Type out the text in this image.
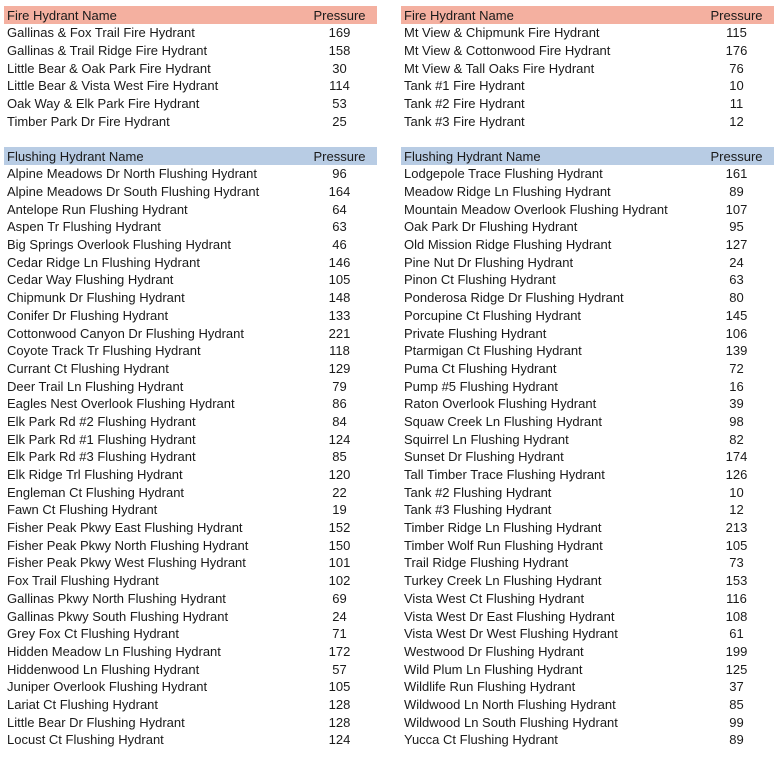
Fire Hydrant Name	Pressure
Gallinas & Fox Trail Fire Hydrant	169
Gallinas & Trail Ridge Fire Hydrant	158
Little Bear & Oak Park Fire Hydrant	30
Little Bear & Vista West Fire Hydrant	114
Oak Way & Elk Park Fire Hydrant	53
Timber Park Dr Fire Hydrant	25
Fire Hydrant Name	Pressure
Mt View & Chipmunk Fire Hydrant	115
Mt View & Cottonwood Fire Hydrant	176
Mt View & Tall Oaks Fire Hydrant	76
Tank #1 Fire Hydrant	10
Tank #2 Fire Hydrant	11
Tank #3 Fire Hydrant	12
Flushing Hydrant Name	Pressure
Alpine Meadows Dr North Flushing Hydrant	96
Alpine Meadows Dr South Flushing Hydrant	164
Antelope Run Flushing Hydrant	64
Aspen Tr Flushing Hydrant	63
Big Springs Overlook Flushing Hydrant	46
Cedar Ridge Ln Flushing Hydrant	146
Cedar Way Flushing Hydrant	105
Chipmunk Dr Flushing Hydrant	148
Conifer Dr Flushing Hydrant	133
Cottonwood Canyon Dr Flushing Hydrant	221
Coyote Track Tr Flushing Hydrant	118
Currant Ct Flushing Hydrant	129
Deer Trail Ln Flushing Hydrant	79
Eagles Nest Overlook Flushing Hydrant	86
Elk Park Rd #2 Flushing Hydrant	84
Elk Park Rd #1 Flushing Hydrant	124
Elk Park Rd #3 Flushing Hydrant	85
Elk Ridge Trl Flushing Hydrant	120
Engleman Ct Flushing Hydrant	22
Fawn Ct Flushing Hydrant	19
Fisher Peak Pkwy East Flushing Hydrant	152
Fisher Peak Pkwy North Flushing Hydrant	150
Fisher Peak Pkwy West Flushing Hydrant	101
Fox Trail Flushing Hydrant	102
Gallinas Pkwy North Flushing Hydrant	69
Gallinas Pkwy South Flushing Hydrant	24
Grey Fox Ct Flushing Hydrant	71
Hidden Meadow Ln Flushing Hydrant	172
Hiddenwood Ln Flushing Hydrant	57
Juniper Overlook Flushing Hydrant	105
Lariat Ct Flushing Hydrant	128
Little Bear Dr Flushing Hydrant	128
Locust Ct Flushing Hydrant	124
Flushing Hydrant Name	Pressure
Lodgepole Trace Flushing Hydrant	161
Meadow Ridge Ln Flushing Hydrant	89
Mountain Meadow Overlook Flushing Hydrant	107
Oak Park Dr Flushing Hydrant	95
Old Mission Ridge Flushing Hydrant	127
Pine Nut Dr Flushing Hydrant	24
Pinon Ct Flushing Hydrant	63
Ponderosa Ridge Dr Flushing Hydrant	80
Porcupine Ct Flushing Hydrant	145
Private Flushing Hydrant	106
Ptarmigan Ct Flushing Hydrant	139
Puma Ct Flushing Hydrant	72
Pump #5 Flushing Hydrant	16
Raton Overlook Flushing Hydrant	39
Squaw Creek Ln Flushing Hydrant	98
Squirrel Ln Flushing Hydrant	82
Sunset Dr Flushing Hydrant	174
Tall Timber Trace Flushing Hydrant	126
Tank #2 Flushing Hydrant	10
Tank #3 Flushing Hydrant	12
Timber Ridge Ln Flushing Hydrant	213
Timber Wolf Run Flushing Hydrant	105
Trail Ridge Flushing Hydrant	73
Turkey Creek Ln Flushing Hydrant	153
Vista West Ct Flushing Hydrant	116
Vista West Dr East Flushing Hydrant	108
Vista West Dr West Flushing Hydrant	61
Westwood Dr Flushing Hydrant	199
Wild Plum Ln Flushing Hydrant	125
Wildlife Run Flushing Hydrant	37
Wildwood Ln North Flushing Hydrant	85
Wildwood Ln South Flushing Hydrant	99
Yucca Ct Flushing Hydrant	89
